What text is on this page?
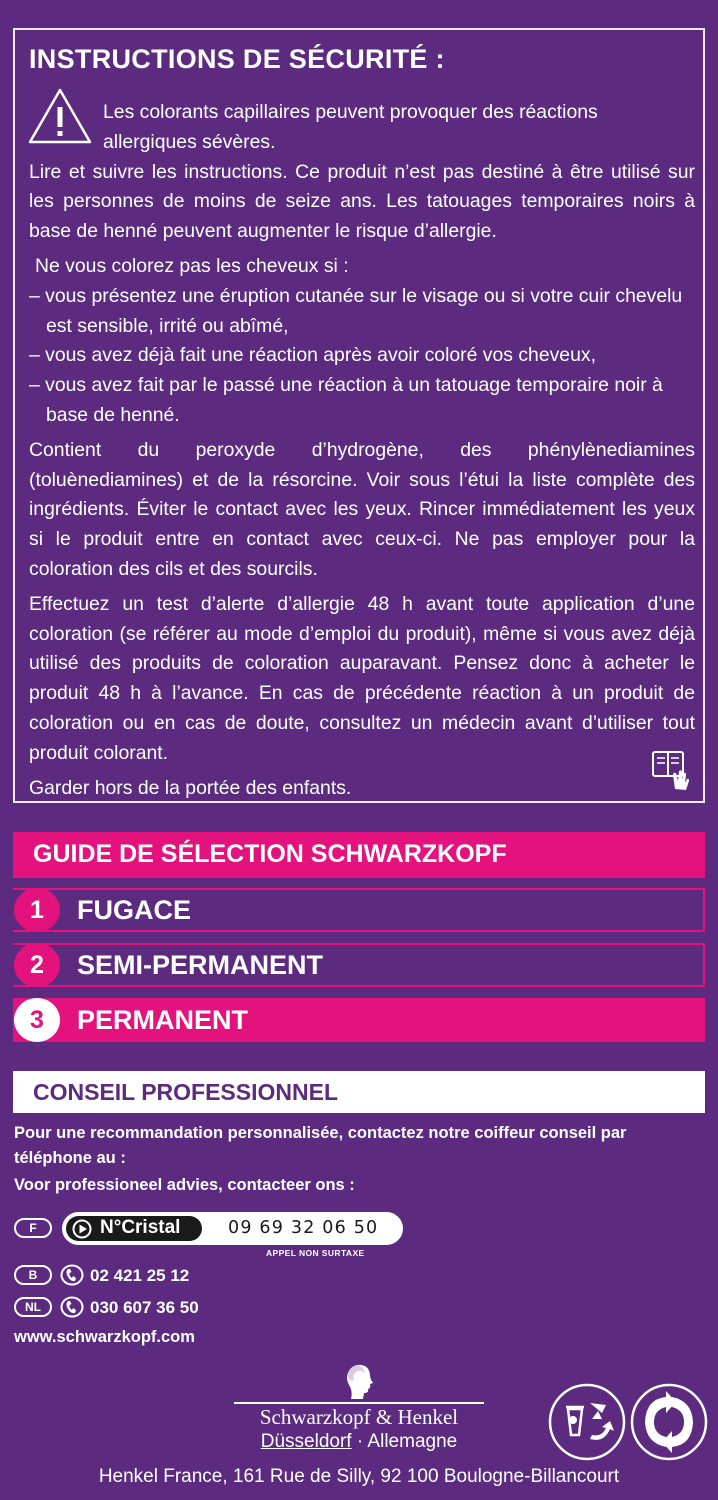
INSTRUCTIONS DE SÉCURITÉ :

Les colorants capillaires peuvent provoquer des réactions
allergiques sévères.

Lire et suivre les instructions. Ce produit n’est pas destiné à être utilisé sur les personnes de moins de seize ans. Les tatouages temporaires noirs à base de henné peuvent augmenter le risque d’allergie.

Ne vous colorez pas les cheveux si :

– vous présentez une éruption cutanée sur le visage ou si votre cuir chevelu est sensible, irrité ou abîmé,

– vous avez déjà fait une réaction après avoir coloré vos cheveux,

– vous avez fait par le passé une réaction à un tatouage temporaire noir à base de henné.

Contient du peroxyde d’hydrogène, des phénylènediamines (toluènediamines) et de la résorcine. Voir sous l’étui la liste complète des ingrédients. Éviter le contact avec les yeux. Rincer immédiatement les yeux si le produit entre en contact avec ceux-ci. Ne pas employer pour la coloration des cils et des sourcils.

Effectuez un test d’alerte d’allergie 48 h avant toute application d’une coloration (se référer au mode d’emploi du produit), même si vous avez déjà utilisé des produits de coloration auparavant. Pensez donc à acheter le produit 48 h à l’avance. En cas de précédente réaction à un produit de coloration ou en cas de doute, consultez un médecin avant d’utiliser tout produit colorant.

Garder hors de la portée des enfants.

GUIDE DE SÉLECTION SCHWARZKOPF
1	FUGACE
2	SEMI-PERMANENT
3	PERMANENT
CONSEIL PROFESSIONNEL
Pour une recommandation personnalisée, contactez notre coiffeur conseil par
téléphone au :
Voor professioneel advies, contacteer ons :
F	N°Cristal	09 69 32 06 50
APPEL NON SURTAXE
B	02 421 25 12
NL	030 607 36 50
www.schwarzkopf.com
Schwarzkopf & Henkel
Düsseldorf · Allemagne
Henkel France, 161 Rue de Silly, 92 100 Boulogne-Billancourt
